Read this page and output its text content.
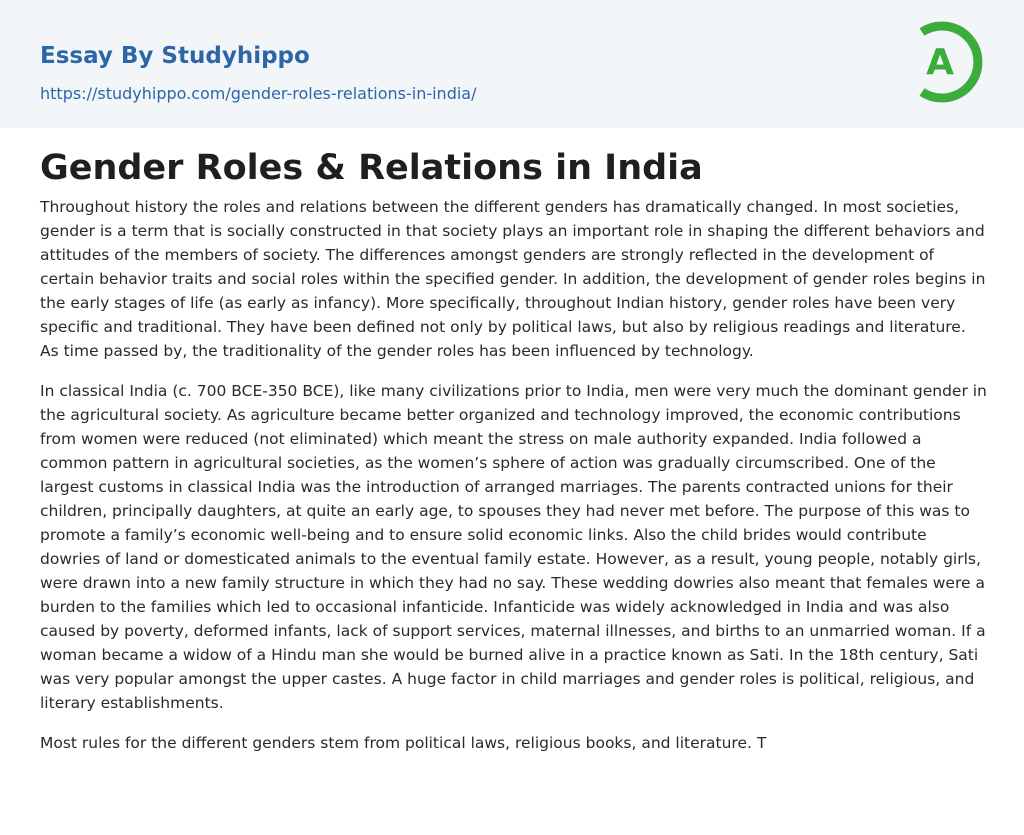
Essay By Studyhippo
https://studyhippo.com/gender-roles-relations-in-india/
A
Gender Roles & Relations in India

Throughout history the roles and relations between the different genders has dramatically changed. In most societies, gender is a term that is socially constructed in that society plays an important role in shaping the different behaviors and attitudes of the members of society. The differences amongst genders are strongly reflected in the development of certain behavior traits and social roles within the specified gender. In addition, the development of gender roles begins in the early stages of life (as early as infancy). More specifically, throughout Indian history, gender roles have been very specific and traditional. They have been defined not only by political laws, but also by religious readings and literature. As time passed by, the traditionality of the gender roles has been influenced by technology.

In classical India (c. 700 BCE-350 BCE), like many civilizations prior to India, men were very much the dominant gender in the agricultural society. As agriculture became better organized and technology improved, the economic contributions from women were reduced (not eliminated) which meant the stress on male authority expanded. India followed a common pattern in agricultural societies, as the women’s sphere of action was gradually circumscribed. One of the largest customs in classical India was the introduction of arranged marriages. The parents contracted unions for their children, principally daughters, at quite an early age, to spouses they had never met before. The purpose of this was to promote a family’s economic well-being and to ensure solid economic links. Also the child brides would contribute dowries of land or domesticated animals to the eventual family estate. However, as a result, young people, notably girls, were drawn into a new family structure in which they had no say. These wedding dowries also meant that females were a burden to the families which led to occasional infanticide. Infanticide was widely acknowledged in India and was also caused by poverty, deformed infants, lack of support services, maternal illnesses, and births to an unmarried woman. If a woman became a widow of a Hindu man she would be burned alive in a practice known as Sati. In the 18th century, Sati was very popular amongst the upper castes. A huge factor in child marriages and gender roles is political, religious, and literary establishments.

Most rules for the different genders stem from political laws, religious books, and literature. T
